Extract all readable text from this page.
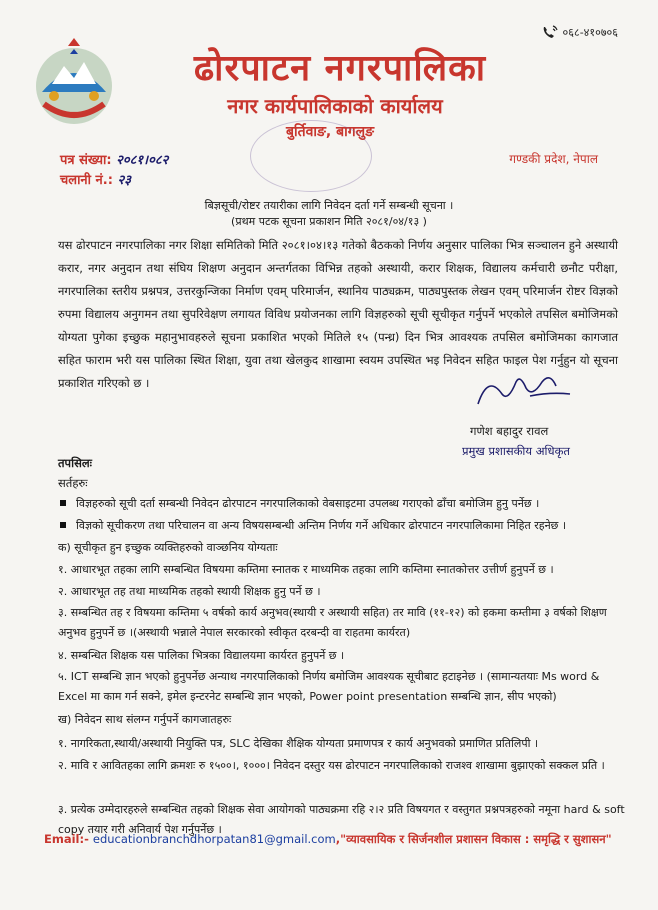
०६८-४१०७०६
ढोरपाटन नगरपालिका
नगर कार्यपालिकाको कार्यालय
बुर्तिवाङ, बागलुङ
पत्र संख्या: २०८१।०८२
चलानी नं.: २३
गण्डकी प्रदेश, नेपाल
बिज्ञसूची/रोष्टर तयारीका लागि निवेदन दर्ता गर्ने सम्बन्धी सूचना ।
(प्रथम पटक सूचना प्रकाशन मिति २०८१/०४/१३ )
यस ढोरपाटन नगरपालिका नगर शिक्षा समितिको मिति २०८१।०४।१३ गतेको बैठकको निर्णय अनुसार पालिका भित्र सञ्चालन हुने अस्थायी करार, नगर अनुदान तथा संघिय शिक्षण अनुदान अन्तर्गतका विभिन्न तहको अस्थायी, करार शिक्षक, विद्यालय कर्मचारी छनौट परीक्षा, नगरपालिका स्तरीय प्रश्नपत्र, उत्तरकुन्जिका निर्माण एवम् परिमार्जन, स्थानिय पाठ्यक्रम, पाठ्यपुस्तक लेखन एवम् परिमार्जन रोष्टर विज्ञको रुपमा विद्यालय अनुगमन तथा सुपरिवेक्षण लगायत विविध प्रयोजनका लागि विज्ञहरुको सूची सूचीकृत गर्नुपर्ने भएकोले तपसिल बमोजिमको योग्यता पुगेका इच्छुक महानुभावहरुले सूचना प्रकाशित भएको मितिले १५ (पन्ध्र) दिन भित्र आवश्यक तपसिल बमोजिमका कागजात सहित फाराम भरी यस पालिका स्थित शिक्षा, युवा तथा खेलकुद शाखामा स्वयम उपस्थित भइ निवेदन सहित फाइल पेश गर्नुहुन यो सूचना प्रकाशित गरिएको छ ।
गणेश बहादुर रावल
प्रमुख प्रशासकीय अधिकृत
तपसिलः
सर्तहरुः
विज्ञहरुको सूची दर्ता सम्बन्धी निवेदन ढोरपाटन नगरपालिकाको वेबसाइटमा उपलब्ध गराएको ढाँचा बमोजिम हुनु पर्नेछ ।
विज्ञको सूचीकरण तथा परिचालन वा अन्य विषयसम्बन्धी अन्तिम निर्णय गर्ने अधिकार ढोरपाटन नगरपालिकामा निहित रहनेछ ।
क) सूचीकृत हुन इच्छुक व्यक्तिहरुको वाञ्छनिय योग्यताः
१. आधारभूत तहका लागि सम्बन्धित विषयमा कम्तिमा स्नातक र माध्यमिक तहका लागि कम्तिमा स्नातकोत्तर उत्तीर्ण हुनुपर्ने छ ।
२. आधारभूत तह तथा माध्यमिक तहको स्थायी शिक्षक हुनु पर्ने छ ।
३. सम्बन्धित तह र विषयमा कम्तिमा ५ वर्षको कार्य अनुभव(स्थायी र अस्थायी सहित) तर मावि (११-१२) को हकमा कम्तीमा ३ वर्षको शिक्षण अनुभव हुनुपर्ने छ ।(अस्थायी भन्नाले नेपाल सरकारको स्वीकृत दरबन्दी वा राहतमा कार्यरत)
४. सम्बन्धित शिक्षक यस पालिका भित्रका विद्यालयमा कार्यरत हुनुपर्ने छ ।
५. ICT सम्बन्धि ज्ञान भएको हुनुपर्नेछ अन्याथ नगरपालिकाको निर्णय बमोजिम आवश्यक सूचीबाट हटाइनेछ । (सामान्यतयाः Ms word & Excel मा काम गर्न सक्ने, इमेल इन्टरनेट सम्बन्धि ज्ञान भएको, Power point presentation सम्बन्धि ज्ञान, सीप भएको)
ख) निवेदन साथ संलग्न गर्नुपर्ने कागजातहरुः
१. नागरिकता,स्थायी/अस्थायी नियुक्ति पत्र, SLC देखिका शैक्षिक योग्यता प्रमाणपत्र र कार्य अनुभवको प्रमाणित प्रतिलिपी ।
२. मावि र आवितहका लागि क्रमशः रु १५००।, १०००। निवेदन दस्तुर यस ढोरपाटन नगरपालिकाको राजश्व शाखामा बुझाएको सक्कल प्रति ।
३. प्रत्येक उम्मेदारहरुले सम्बन्धित तहको शिक्षक सेवा आयोगको पाठ्यक्रमा रहि २।२ प्रति विषयगत र वस्तुगत प्रश्नपत्रहरुको नमूना hard & soft copy तयार गरी अनिवार्य पेश गर्नुपर्नेछ ।
Email:- educationbranchdhorpatan81@gmail.com,"व्यावसायिक र सिर्जनशील प्रशासन विकास : समृद्धि र सुशासन"
